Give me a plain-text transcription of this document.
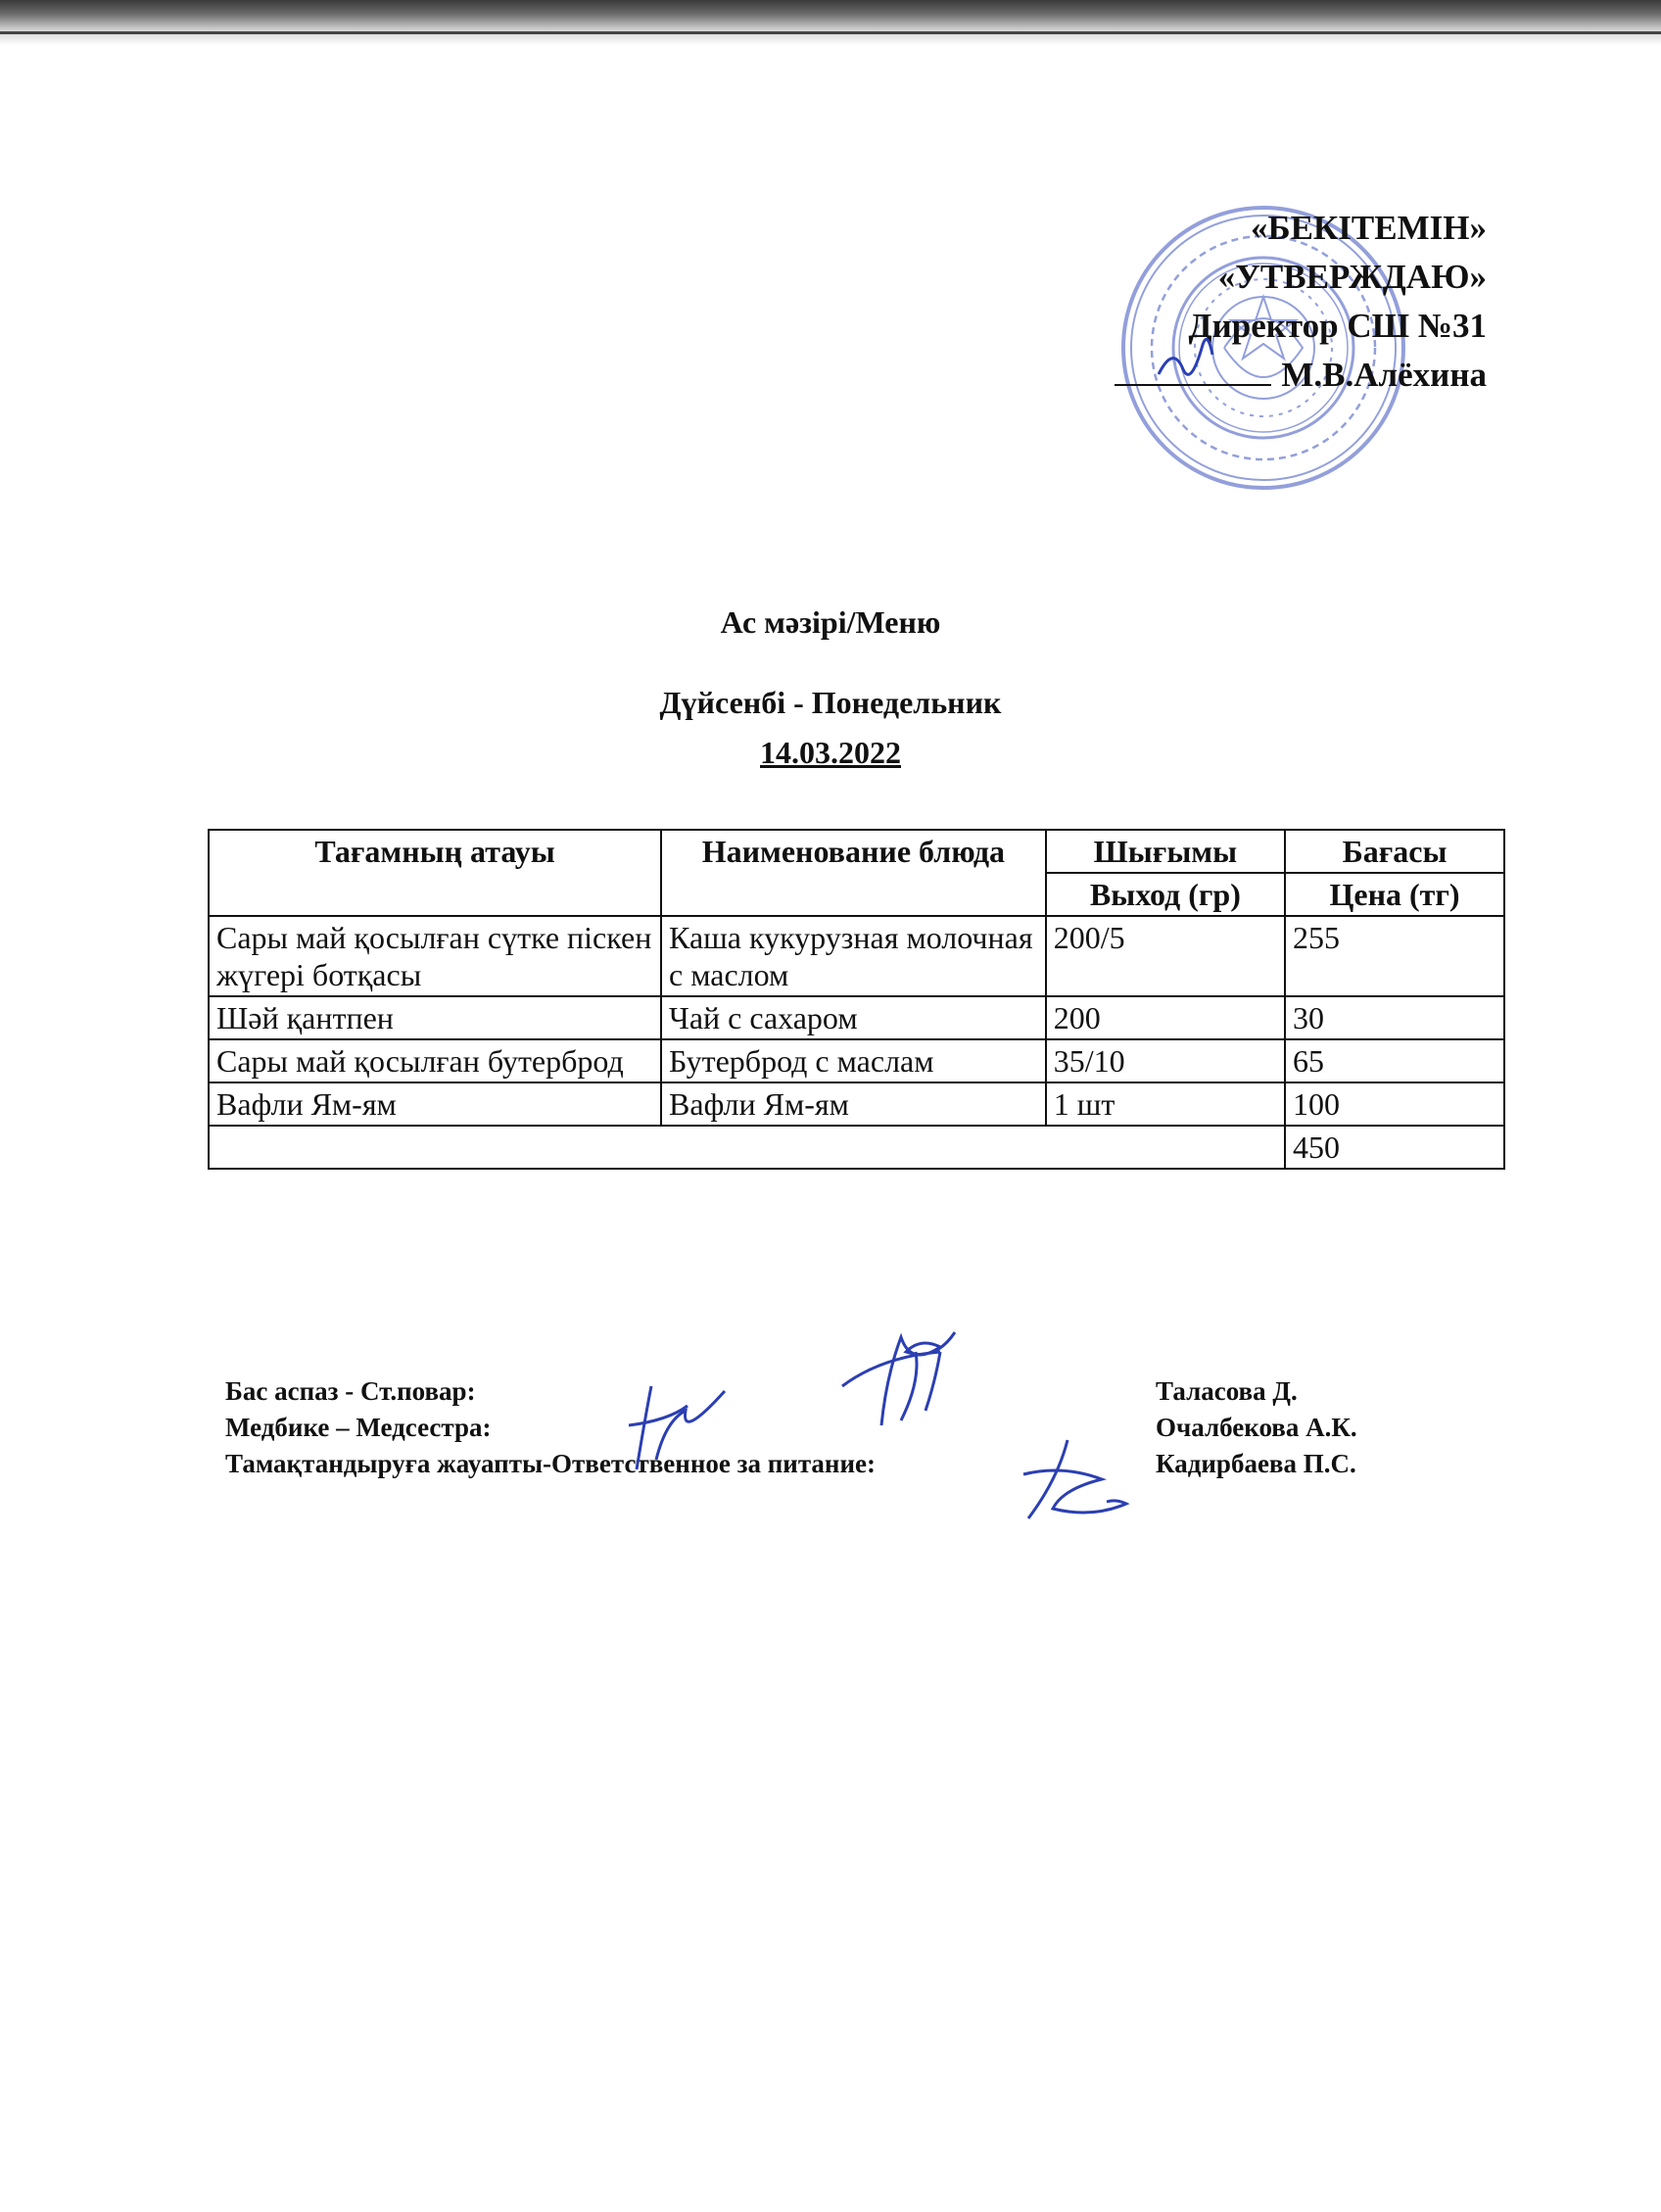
«БЕКІТЕМІН»
«УТВЕРЖДАЮ»
Директор СШ №31
М.В.Алёхина
Ас мәзірі/Меню
Дүйсенбі - Понедельник
14.03.2022
Тағамның атауы	Наименование блюда	Шығымы	Бағасы
		Выход (гр)	Цена (тг)
Сары май қосылған сүтке піскен жүгері ботқасы	Каша кукурузная молочная с маслом	200/5	255
Шәй қантпен	Чай с сахаром	200	30
Сары май қосылған бутерброд	Бутерброд с маслам	35/10	65
Вафли Ям-ям	Вафли Ям-ям	1 шт	100
			450
Бас аспаз - Ст.повар:	Таласова Д.
Медбике – Медсестра:	Очалбекова А.К.
Тамақтандыруға жауапты-Ответственное за питание:	Кадирбаева П.С.
